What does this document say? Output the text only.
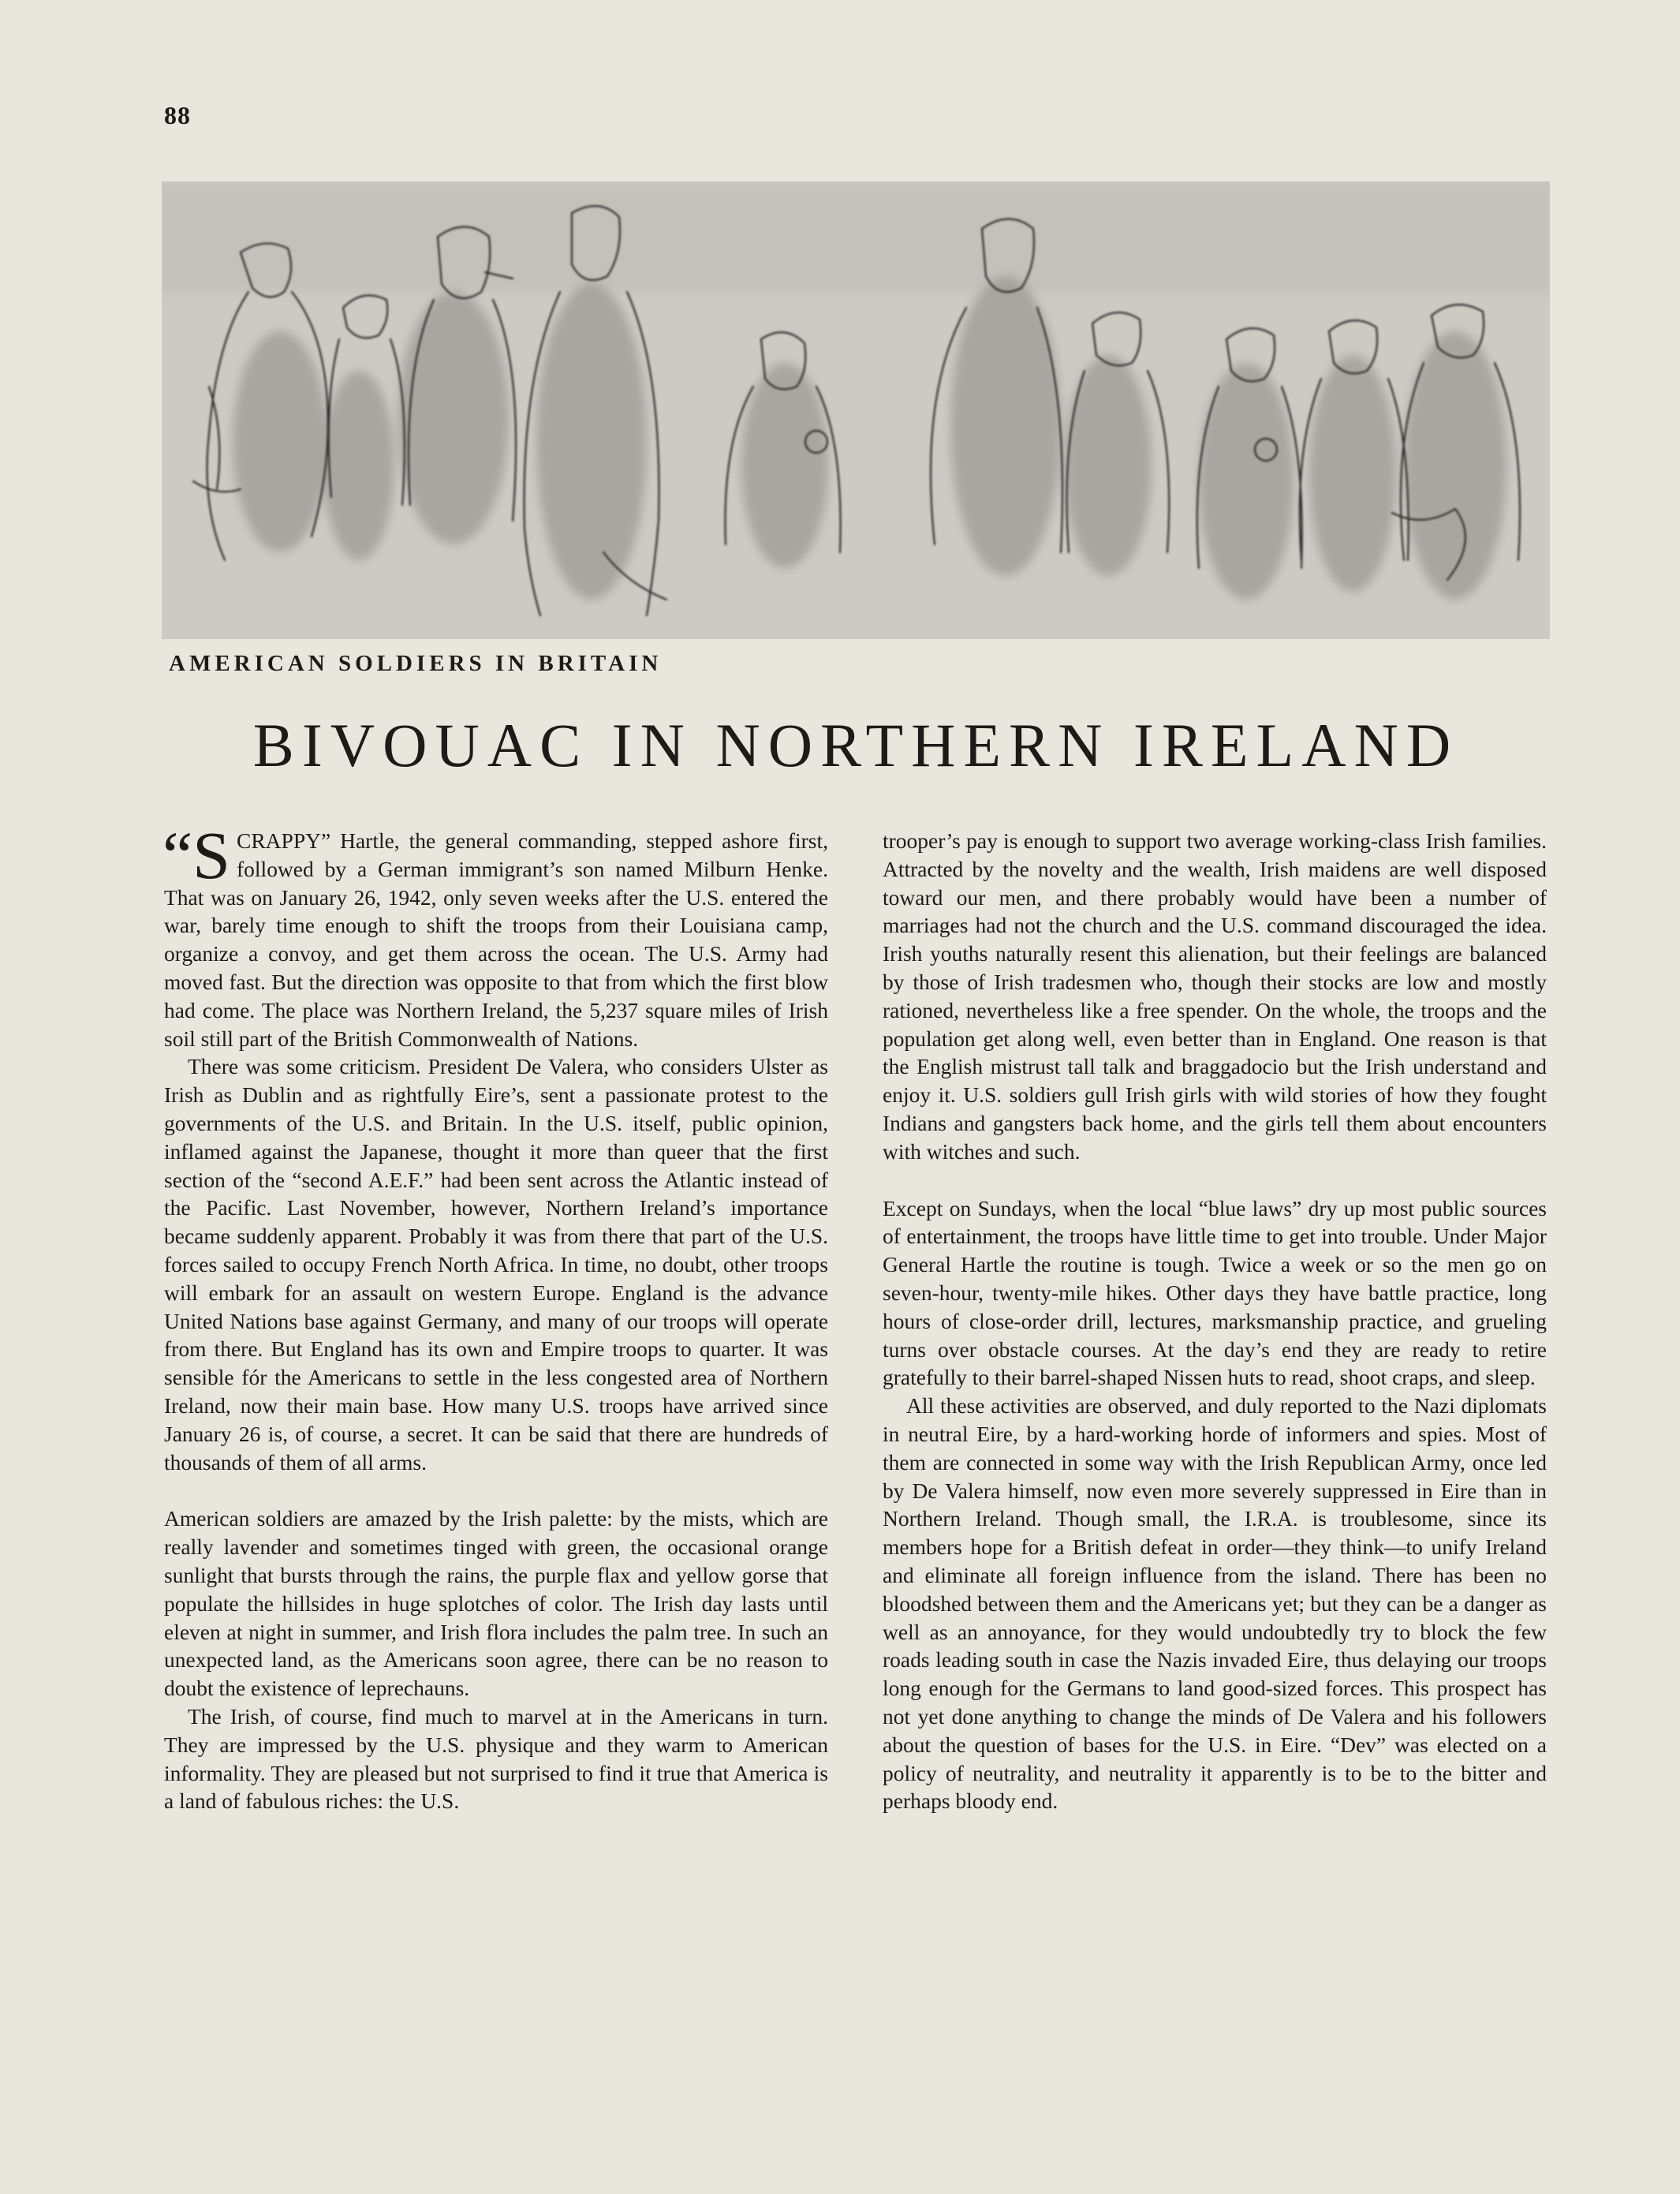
88
AMERICAN SOLDIERS IN BRITAIN
BIVOUAC IN NORTHERN IRELAND

“SCRAPPY” Hartle, the general commanding, stepped ashore first, followed by a German immigrant’s son named Milburn Henke. That was on January 26, 1942, only seven weeks after the U.S. entered the war, barely time enough to shift the troops from their Louisiana camp, organize a convoy, and get them across the ocean. The U.S. Army had moved fast. But the direction was opposite to that from which the first blow had come. The place was Northern Ireland, the 5,237 square miles of Irish soil still part of the British Commonwealth of Nations.

There was some criticism. President De Valera, who considers Ulster as Irish as Dublin and as rightfully Eire’s, sent a passionate protest to the governments of the U.S. and Britain. In the U.S. itself, public opinion, inflamed against the Japanese, thought it more than queer that the first section of the “second A.E.F.” had been sent across the Atlantic instead of the Pacific. Last November, however, Northern Ireland’s importance became suddenly apparent. Probably it was from there that part of the U.S. forces sailed to occupy French North Africa. In time, no doubt, other troops will embark for an assault on western Europe. England is the advance United Nations base against Germany, and many of our troops will operate from there. But England has its own and Empire troops to quarter. It was sensible fór the Americans to settle in the less congested area of Northern Ireland, now their main base. How many U.S. troops have arrived since January 26 is, of course, a secret. It can be said that there are hundreds of thousands of them of all arms.

American soldiers are amazed by the Irish palette: by the mists, which are really lavender and sometimes tinged with green, the occasional orange sunlight that bursts through the rains, the purple flax and yellow gorse that populate the hillsides in huge splotches of color. The Irish day lasts until eleven at night in summer, and Irish flora includes the palm tree. In such an unexpected land, as the Americans soon agree, there can be no reason to doubt the existence of leprechauns.

The Irish, of course, find much to marvel at in the Americans in turn. They are impressed by the U.S. physique and they warm to American informality. They are pleased but not surprised to find it true that America is a land of fabulous riches: the U.S.

trooper’s pay is enough to support two average working-class Irish families. Attracted by the novelty and the wealth, Irish maidens are well disposed toward our men, and there probably would have been a number of marriages had not the church and the U.S. command discouraged the idea. Irish youths naturally resent this alienation, but their feelings are balanced by those of Irish tradesmen who, though their stocks are low and mostly rationed, nevertheless like a free spender. On the whole, the troops and the population get along well, even better than in England. One reason is that the English mistrust tall talk and braggadocio but the Irish understand and enjoy it. U.S. soldiers gull Irish girls with wild stories of how they fought Indians and gangsters back home, and the girls tell them about encounters with witches and such.

Except on Sundays, when the local “blue laws” dry up most public sources of entertainment, the troops have little time to get into trouble. Under Major General Hartle the routine is tough. Twice a week or so the men go on seven-hour, twenty-mile hikes. Other days they have battle practice, long hours of close-order drill, lectures, marksmanship practice, and grueling turns over obstacle courses. At the day’s end they are ready to retire gratefully to their barrel-shaped Nissen huts to read, shoot craps, and sleep.

All these activities are observed, and duly reported to the Nazi diplomats in neutral Eire, by a hard-working horde of informers and spies. Most of them are connected in some way with the Irish Republican Army, once led by De Valera himself, now even more severely suppressed in Eire than in Northern Ireland. Though small, the I.R.A. is troublesome, since its members hope for a British defeat in order—they think—to unify Ireland and eliminate all foreign influence from the island. There has been no bloodshed between them and the Americans yet; but they can be a danger as well as an annoyance, for they would undoubtedly try to block the few roads leading south in case the Nazis invaded Eire, thus delaying our troops long enough for the Germans to land good-sized forces. This prospect has not yet done anything to change the minds of De Valera and his followers about the question of bases for the U.S. in Eire. “Dev” was elected on a policy of neutrality, and neutrality it apparently is to be to the bitter and perhaps bloody end.
